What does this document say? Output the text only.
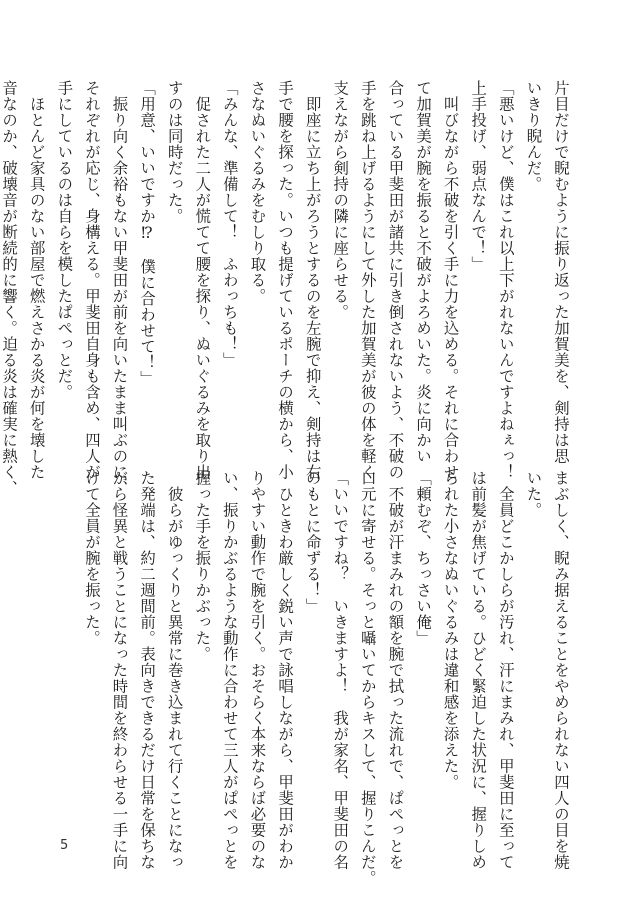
片目だけで睨むように振り返った加賀美を、剣持は思
いきり睨んだ。
「悪いけど、僕はこれ以上下がれないんですよねぇっ！
上手投げ、弱点なんで！」
　叫びながら不破を引く手に力を込める。それに合わせ
て加賀美が腕を振ると不破がよろめいた。炎に向かい
合っている甲斐田が諸共に引き倒されないよう、不破の
手を跳ね上げるようにして外した加賀美が彼の体を軽く
支えながら剣持の隣に座らせる。
　即座に立ち上がろうとするのを左腕で抑え、剣持は右
手で腰を探った。いつも提げているポーチの横から、小
さなぬいぐるみをむしり取る。
「みんな、準備して！　ふわっちも！」
　促された二人が慌てて腰を探り、ぬいぐるみを取り出
すのは同時だった。
「用意、いいですか⁉　僕に合わせて！」
　振り向く余裕もない甲斐田が前を向いたまま叫ぶのに、
それぞれが応じ、身構える。甲斐田自身も含め、四人が
手にしているのは自らを模したぱぺっとだ。
　ほとんど家具のない部屋で燃えさかる炎が何を壊した
音なのか、破壊音が断続的に響く。迫る炎は確実に熱く、
まぶしく、睨み据えることをやめられない四人の目を焼
いた。
　全員どこかしらが汚れ、汗にまみれ、甲斐田に至って
は前髪が焦げている。ひどく緊迫した状況に、握りしめ
られた小さなぬいぐるみは違和感を添えた。
「頼むぞ、ちっさい俺」
　不破が汗まみれの額を腕で拭った流れで、ぱぺっとを
口元に寄せる。そっと囁いてからキスして、握りこんだ。
「いいですね？　いきますよ！　我が家名、甲斐田の名
のもとに命ずる！」
　ひときわ厳しく鋭い声で詠唱しながら、甲斐田がわか
りやすい動作で腕を引く。おそらく本来ならば必要のな
い、振りかぶるような動作に合わせて三人がぱぺっとを
握った手を振りかぶった。
　彼らがゆっくりと異常に巻き込まれて行くことになっ
た発端は、約二週間前。表向きできるだけ日常を保ちな
がら怪異と戦うことになった時間を終わらせる一手に向
けて全員が腕を振った。
5
